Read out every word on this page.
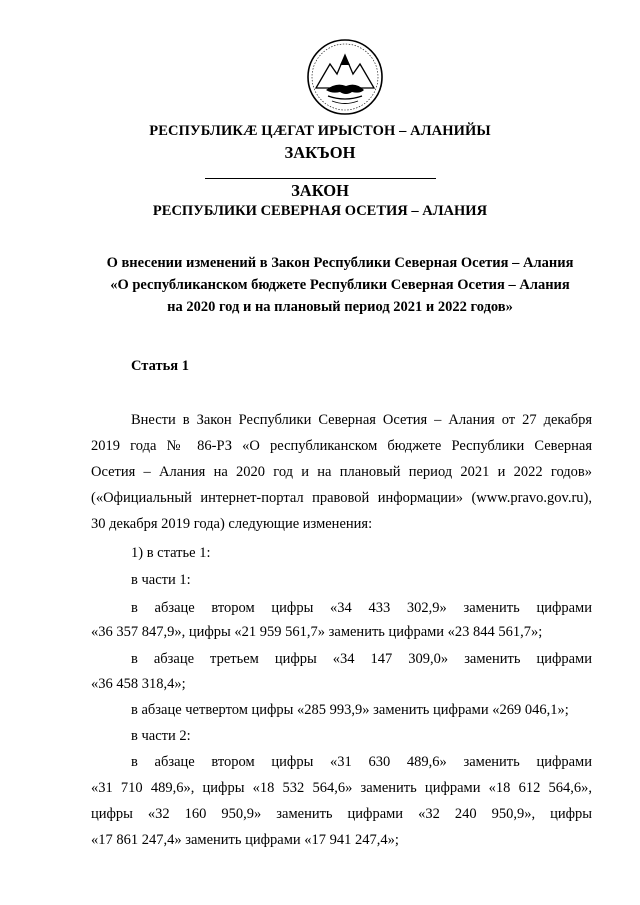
РЕСПУБЛИКÆ ЦÆГАТ ИРЫСТОН – АЛАНИЙЫ
ЗАКЪОН
ЗАКОН
РЕСПУБЛИКИ СЕВЕРНАЯ ОСЕТИЯ – АЛАНИЯ
О внесении изменений в Закон Республики Северная Осетия – Алания
«О республиканском бюджете Республики Северная Осетия – Алания
на 2020 год и на плановый период 2021 и 2022 годов»
Статья 1
Внести в Закон Республики Северная Осетия – Алания от 27 декабря
2019 года № 86-РЗ «О республиканском бюджете Республики Северная
Осетия – Алания на 2020 год и на плановый период 2021 и 2022 годов»
(«Официальный интернет-портал правовой информации» (www.pravo.gov.ru),
30 декабря 2019 года) следующие изменения:
1) в статье 1:
в части 1:
в абзаце втором цифры «34 433 302,9» заменить цифрами
«36 357 847,9», цифры «21 959 561,7» заменить цифрами «23 844 561,7»;
в абзаце третьем цифры «34 147 309,0» заменить цифрами
«36 458 318,4»;
в абзаце четвертом цифры «285 993,9» заменить цифрами «269 046,1»;
в части 2:
в абзаце втором цифры «31 630 489,6» заменить цифрами
«31 710 489,6», цифры «18 532 564,6» заменить цифрами «18 612 564,6»,
цифры «32 160 950,9» заменить цифрами «32 240 950,9», цифры
«17 861 247,4» заменить цифрами «17 941 247,4»;
